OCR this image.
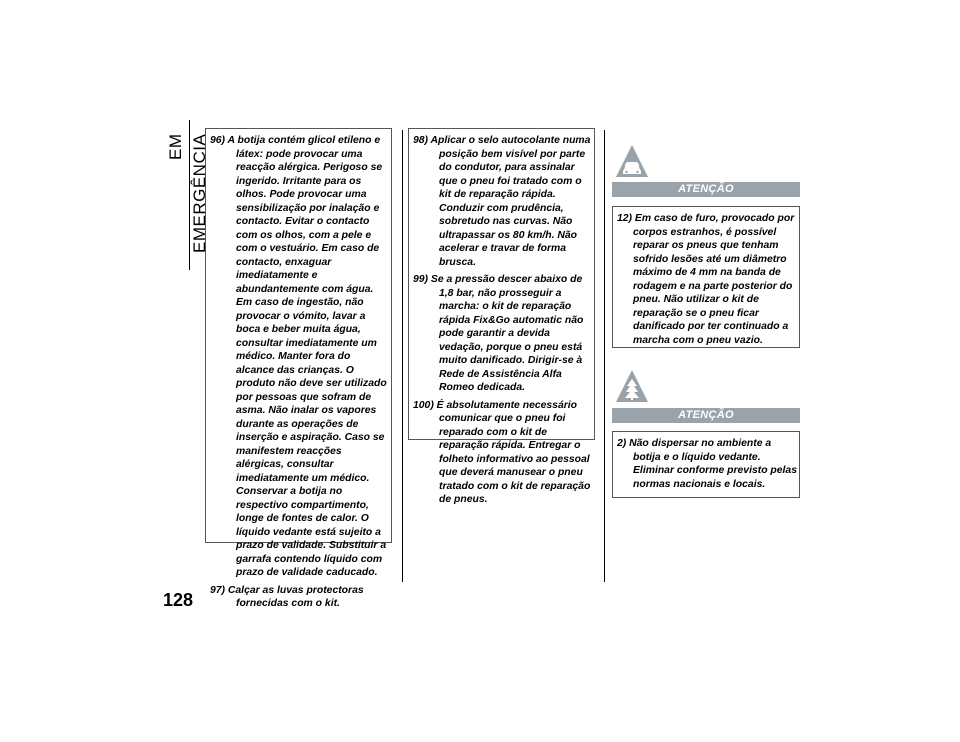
EM EMERGÊNCIA
128

96) A botija contém glicol etileno e látex: pode provocar uma reacção alérgica. Perigoso se ingerido. Irritante para os olhos. Pode provocar uma sensibilização por inalação e contacto. Evitar o contacto com os olhos, com a pele e com o vestuário. Em caso de contacto, enxaguar imediatamente e abundantemente com água. Em caso de ingestão, não provocar o vómito, lavar a boca e beber muita água, consultar imediatamente um médico. Manter fora do alcance das crianças. O produto não deve ser utilizado por pessoas que sofram de asma. Não inalar os vapores durante as operações de inserção e aspiração. Caso se manifestem reacções alérgicas, consultar imediatamente um médico. Conservar a botija no respectivo compartimento, longe de fontes de calor. O líquido vedante está sujeito a prazo de validade. Substituir a garrafa contendo líquido com prazo de validade caducado.

97) Calçar as luvas protectoras fornecidas com o kit.

98) Aplicar o selo autocolante numa posição bem visível por parte do condutor, para assinalar que o pneu foi tratado com o kit de reparação rápida. Conduzir com prudência, sobretudo nas curvas. Não ultrapassar os 80 km/h. Não acelerar e travar de forma brusca.

99) Se a pressão descer abaixo de 1,8 bar, não prosseguir a marcha: o kit de reparação rápida Fix&Go automatic não pode garantir a devida vedação, porque o pneu está muito danificado. Dirigir-se à Rede de Assistência Alfa Romeo dedicada.

100) É absolutamente necessário comunicar que o pneu foi reparado com o kit de reparação rápida. Entregar o folheto informativo ao pessoal que deverá manusear o pneu tratado com o kit de reparação de pneus.

ATENÇÃO

12) Em caso de furo, provocado por corpos estranhos, é possível reparar os pneus que tenham sofrido lesões até um diâmetro máximo de 4 mm na banda de rodagem e na parte posterior do pneu. Não utilizar o kit de reparação se o pneu ficar danificado por ter continuado a marcha com o pneu vazio.

ATENÇÃO

2) Não dispersar no ambiente a botija e o líquido vedante. Eliminar conforme previsto pelas normas nacionais e locais.
